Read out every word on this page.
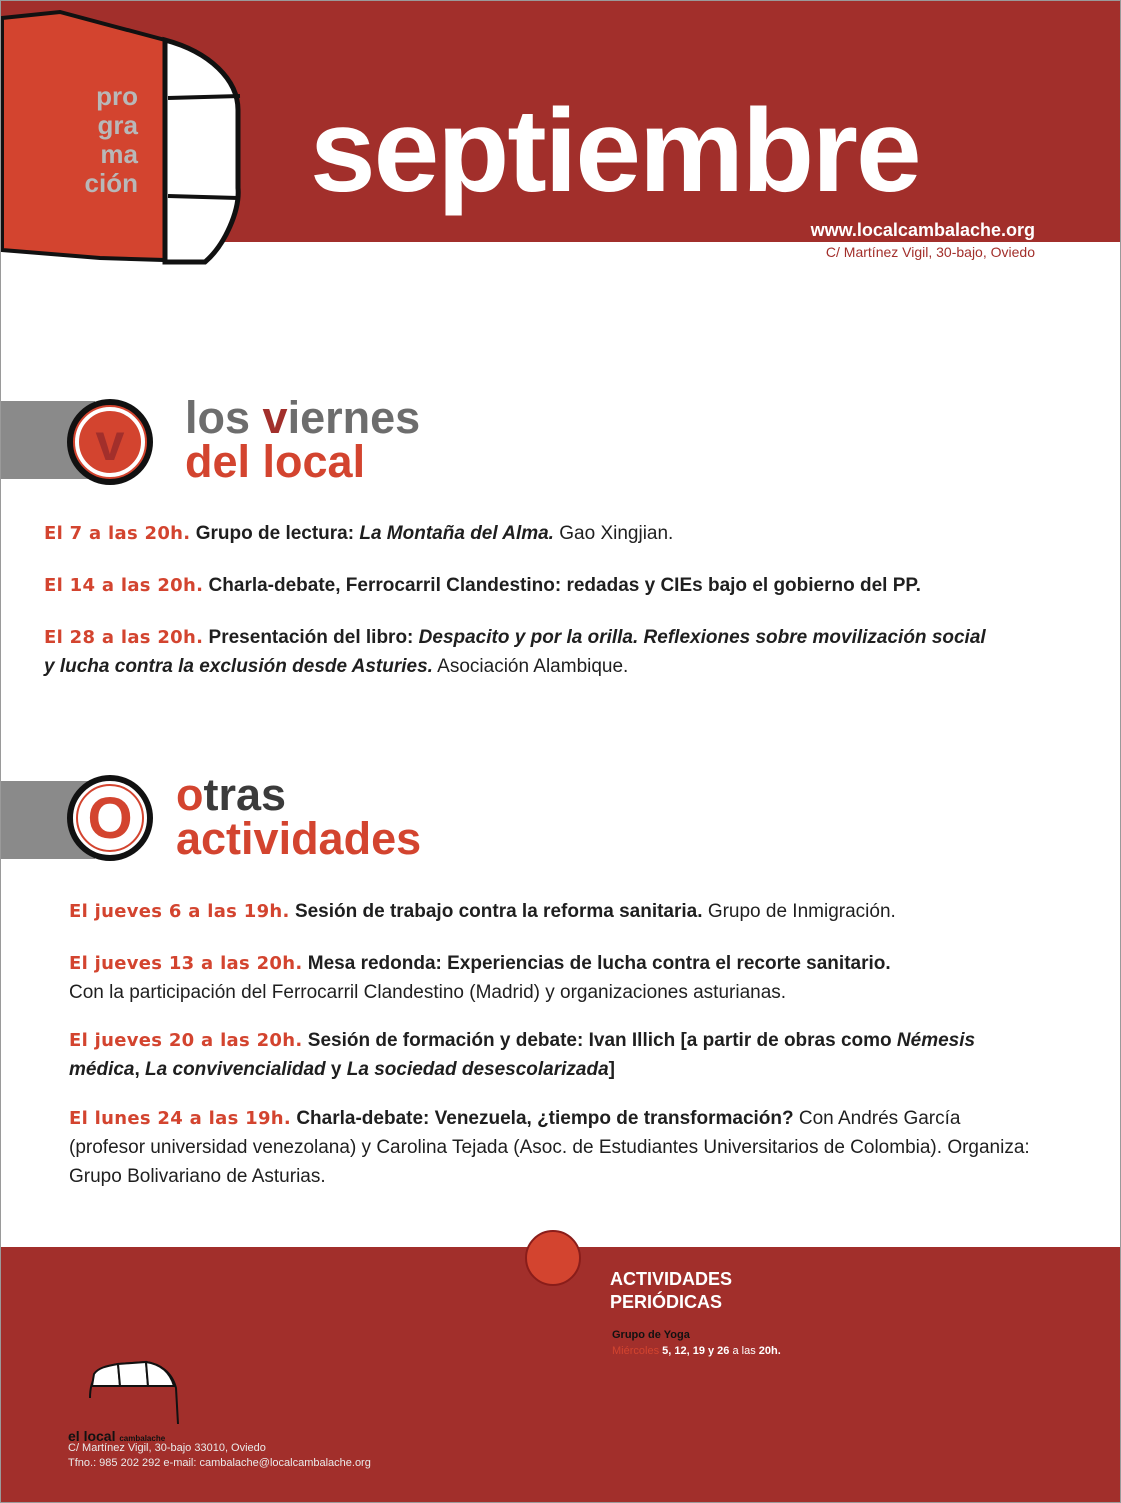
pro
gra
ma
ción septiembre
www.localcambalache.org
C/ Martínez Vigil, 30-bajo, Oviedo
v los viernes
del local
El 7 a las 20h. Grupo de lectura: La Montaña del Alma. Gao Xingjian.
El 14 a las 20h. Charla-debate, Ferrocarril Clandestino: redadas y CIEs bajo el gobierno del PP.
El 28 a las 20h. Presentación del libro: Despacito y por la orilla. Reflexiones sobre movilización social
y lucha contra la exclusión desde Asturies. Asociación Alambique.
O otras
actividades
El jueves 6 a las 19h. Sesión de trabajo contra la reforma sanitaria. Grupo de Inmigración.
El jueves 13 a las 20h. Mesa redonda: Experiencias de lucha contra el recorte sanitario.
Con la participación del Ferrocarril Clandestino (Madrid) y organizaciones asturianas.
El jueves 20 a las 20h. Sesión de formación y debate: Ivan Illich [a partir de obras como Némesis
médica, La convivencialidad y La sociedad desescolarizada]
El lunes 24 a las 19h. Charla-debate: Venezuela, ¿tiempo de transformación? Con Andrés García
(profesor universidad venezolana) y Carolina Tejada (Asoc. de Estudiantes Universitarios de Colombia). Organiza:
Grupo Bolivariano de Asturias.
ACTIVIDADES
PERIÓDICAS
Grupo de Yoga
Miércoles 5, 12, 19 y 26 a las 20h.
el local cambalache
C/ Martínez Vigil, 30-bajo 33010, Oviedo
Tfno.: 985 202 292 e-mail: cambalache@localcambalache.org
